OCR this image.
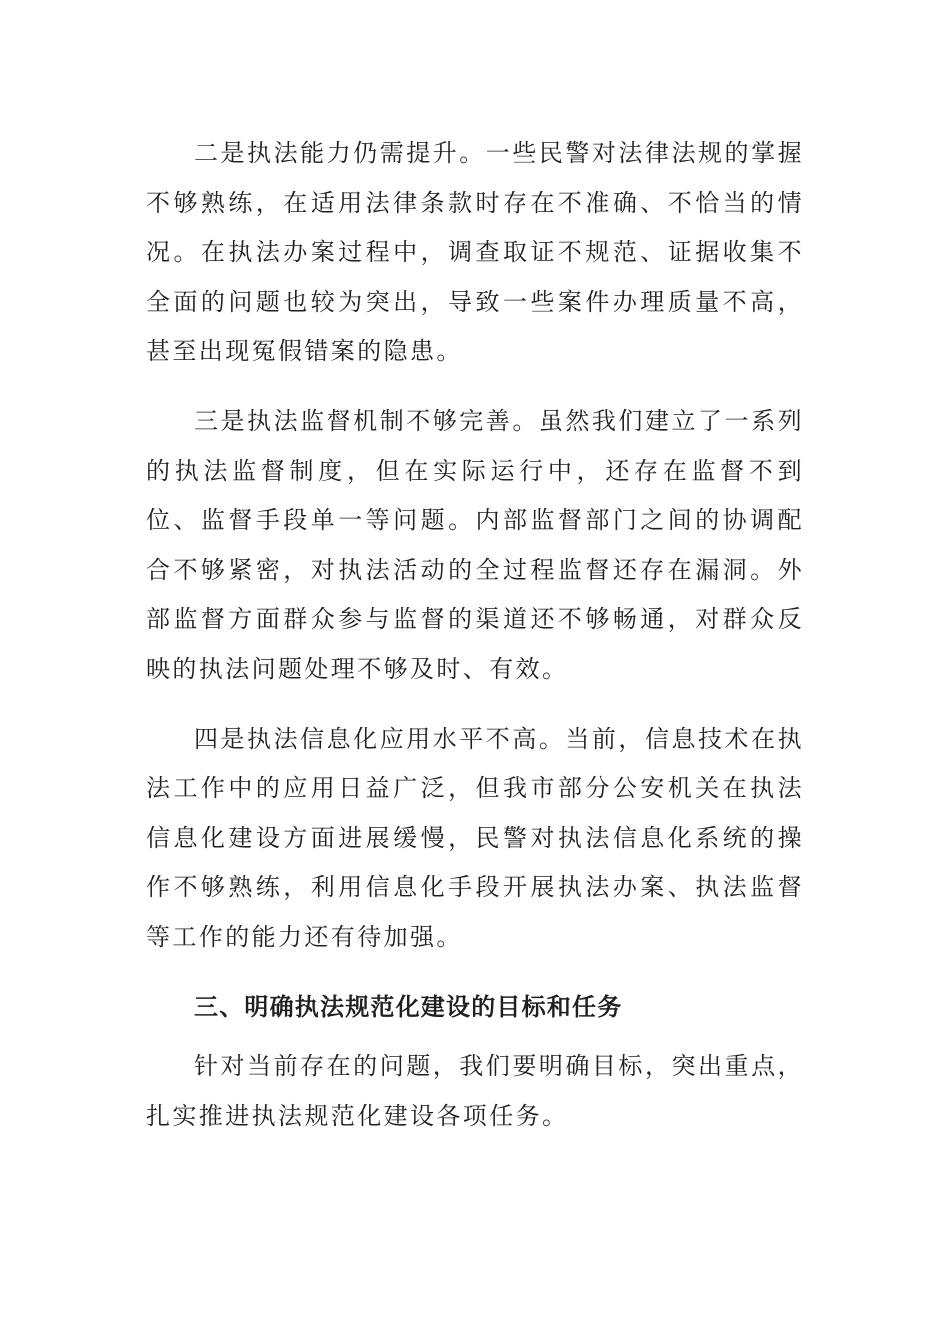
二是执法能力仍需提升。一些民警对法律法规的掌握不够熟练，在适用法律条款时存在不准确、不恰当的情况。在执法办案过程中，调查取证不规范、证据收集不全面的问题也较为突出，导致一些案件办理质量不高，甚至出现冤假错案的隐患。

三是执法监督机制不够完善。虽然我们建立了一系列的执法监督制度，但在实际运行中，还存在监督不到位、监督手段单一等问题。内部监督部门之间的协调配合不够紧密，对执法活动的全过程监督还存在漏洞。外部监督方面群众参与监督的渠道还不够畅通，对群众反映的执法问题处理不够及时、有效。

四是执法信息化应用水平不高。当前，信息技术在执法工作中的应用日益广泛，但我市部分公安机关在执法信息化建设方面进展缓慢，民警对执法信息化系统的操作不够熟练，利用信息化手段开展执法办案、执法监督等工作的能力还有待加强。

三、明确执法规范化建设的目标和任务

针对当前存在的问题，我们要明确目标，突出重点，扎实推进执法规范化建设各项任务。
